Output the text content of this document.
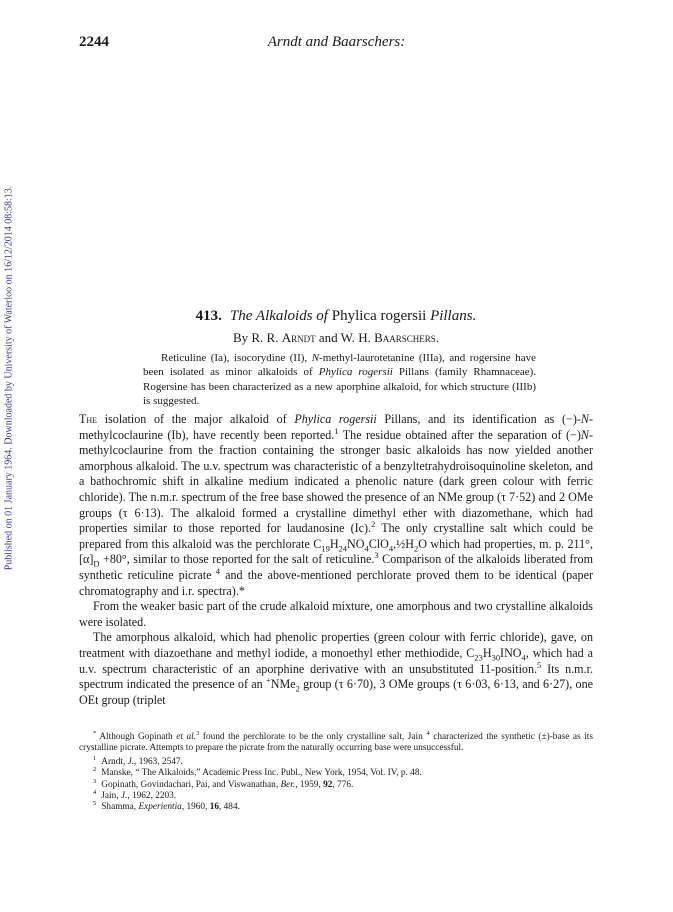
2244	Arndt and Baarschers:
Published on 01 January 1964. Downloaded by University of Waterloo on 16/12/2014 08:58:13.	413. The Alkaloids of Phylica rogersii Pillans.
By R. R. Arndt and W. H. Baarschers.

Reticuline (Ia), isocorydine (II), N-methyl-laurotetanine (IIIa), and rogersine have been isolated as minor alkaloids of Phylica rogersii Pillans (family Rhamnaceae). Rogersine has been characterized as a new aporphine alkaloid, for which structure (IIIb) is suggested.

The isolation of the major alkaloid of Phylica rogersii Pillans, and its identification as (−)-N-methylcoclaurine (Ib), have recently been reported.$^1$ The residue obtained after the separation of (−)N-methylcoclaurine from the fraction containing the stronger basic alkaloids has now yielded another amorphous alkaloid. The u.v. spectrum was characteristic of a benzyltetrahydroisoquinoline skeleton, and a bathochromic shift in alkaline medium indicated a phenolic nature (dark green colour with ferric chloride). The n.m.r. spectrum of the free base showed the presence of an NMe group (τ 7·52) and 2 OMe groups (τ 6·13). The alkaloid formed a crystalline dimethyl ether with diazomethane, which had properties similar to those reported for laudanosine (Ic).$^2$ The only crystalline salt which could be prepared from this alkaloid was the perchlorate $C_{19}H_{24}NO_4ClO_4,\frac{1}{2}H_2O$ which had properties, m. p. 211°, $[\alpha]_D +80^\circ$, similar to those reported for the salt of reticuline.$^3$ Comparison of the alkaloids liberated from synthetic reticuline picrate $^4$ and the above-mentioned perchlorate proved them to be identical (paper chromatography and i.r. spectra).*

From the weaker basic part of the crude alkaloid mixture, one amorphous and two crystalline alkaloids were isolated.

The amorphous alkaloid, which had phenolic properties (green colour with ferric chloride), gave, on treatment with diazoethane and methyl iodide, a monoethyl ether methiodide, $C_{23}H_{30}INO_4$, which had a u.v. spectrum characteristic of an aporphine derivative with an unsubstituted 11-position.$^5$ Its n.m.r. spectrum indicated the presence of an +NMe$_2$ group (τ 6·70), 3 OMe groups (τ 6·03, 6·13, and 6·27), one OEt group (triplet

* Although Gopinath et al.$^3$ found the perchlorate to be the only crystalline salt, Jain $^4$ characterized the synthetic (±)-base as its crystalline picrate. Attempts to prepare the picrate from the naturally occurring base were unsuccessful.

$^1$ Arndt, J., 1963, 2547.

$^2$ Manske, “ The Alkaloids,” Academic Press Inc. Publ., New York, 1954, Vol. IV, p. 48.

$^3$ Gopinath, Govindachari, Pai, and Viswanathan, Ber., 1959, 92, 776.

$^4$ Jain, J., 1962, 2203.

$^5$ Shamma, Experientia, 1960, 16, 484.
